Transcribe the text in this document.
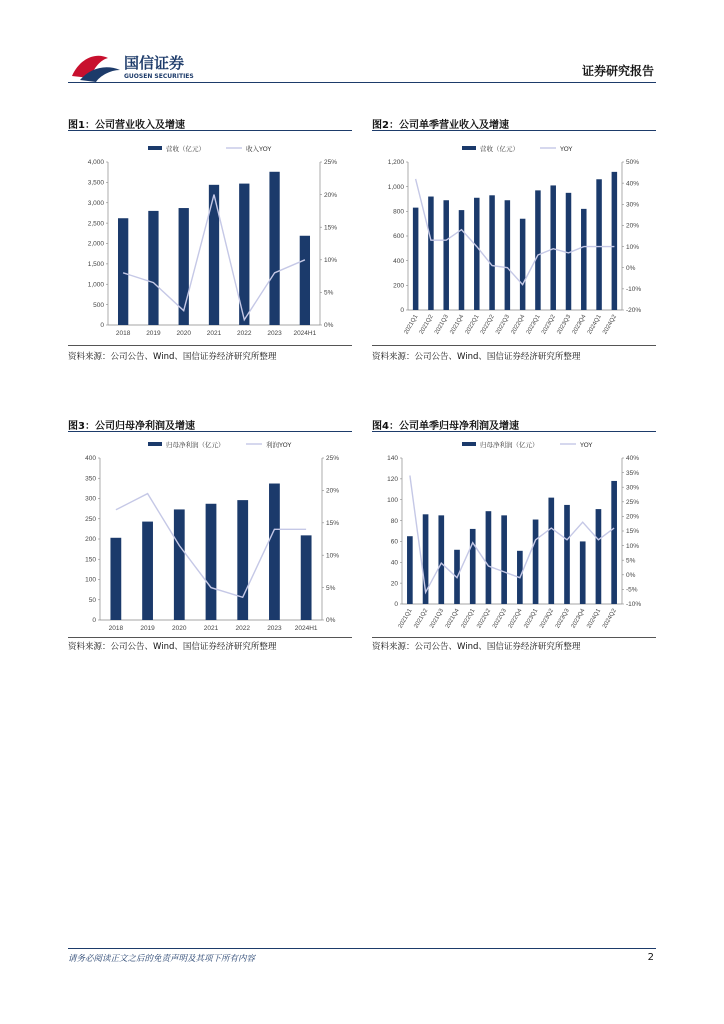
国信证券
GUOSEN SECURITIES	证券研究报告
图1：公司营业收入及增速
0
500
1,000
1,500
2,000
2,500
3,000
3,500
4,000
0%
5%
10%
15%
20%
25%
2018 2019 2020 2021 2022 2023 2024H1
营收（亿元）	收入YOY
资料来源：公司公告、Wind、国信证券经济研究所整理
图2：公司单季营业收入及增速
0
200
400
600
800
1,000
1,200
-20%
-10%
0%
10%
20%
30%
40%
50%
2021Q1 2021Q2 2021Q3 2021Q4 2022Q1 2022Q2 2022Q3 2022Q4 2023Q1 2023Q2 2023Q3 2023Q4 2024Q1 2024Q2
营收（亿元）	YOY
资料来源：公司公告、Wind、国信证券经济研究所整理
图3：公司归母净利润及增速
0
50
100
150
200
250
300
350
400
0%
5%
10%
15%
20%
25%
2018	2019	2020	2021	2022	2023 2024H1
归母净利润（亿元）	利润YOY
资料来源：公司公告、Wind、国信证券经济研究所整理
图4：公司单季归母净利润及增速
0
20
40
60
80
100
120
140
-10%
-5%
0%
5%
10%
15%
20%
25%
30%
35%
40%
2021Q1 2021Q2 2021Q3 2021Q4 2022Q1 2022Q2 2022Q3 2022Q4 2023Q1 2023Q2 2023Q3 2023Q4 2024Q1 2024Q2
归母净利润（亿元）	YOY
资料来源：公司公告、Wind、国信证券经济研究所整理
请务必阅读正文之后的免责声明及其项下所有内容	2
